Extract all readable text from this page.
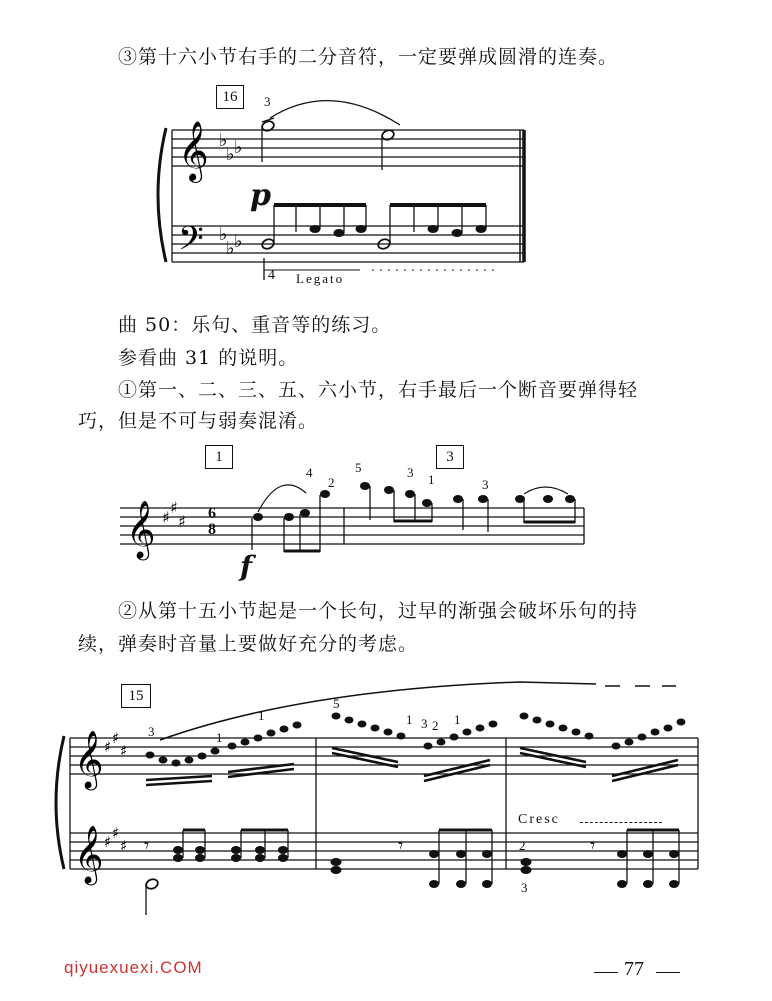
③第十六小节右手的二分音符，一定要弹成圆滑的连奏。
16
𝄞
𝄢
♭
♭ ♭
♭
♭ ♭
3
p
4 Legato
曲 50：乐句、重音等的练习。
参看曲 31 的说明。
①第一、二、三、五、六小节，右手最后一个断音要弹得轻
巧，但是不可与弱奏混淆。
1	3
𝄞 ♯
♯
♯ 6
8
f
4
2
5	3 1	3
②从第十五小节起是一个长句，过早的渐强会破坏乐句的持
续，弹奏时音量上要做好充分的考虑。
15
𝄞
𝄞
♯ ♯
♯
♯ ♯
♯ 𝄾	𝄾	𝄾
3	1
1
5
1 3 2 1
Cresc
2
3
qiyuexuexi.COM	77
